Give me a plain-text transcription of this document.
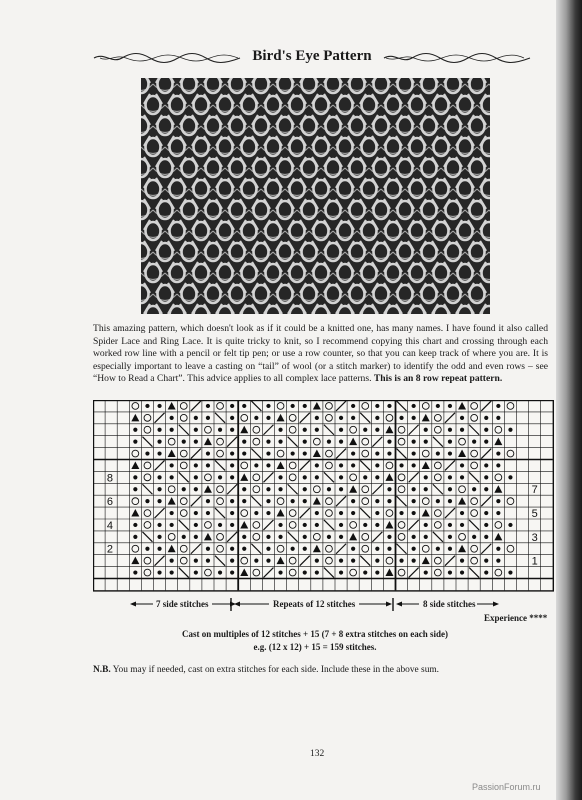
Bird's Eye Pattern
This amazing pattern, which doesn't look as if it could be a knitted one, has many names. I have found it also called Spider Lace and Ring Lace. It is quite tricky to knit, so I recommend copying this chart and crossing through each worked row line with a pencil or felt tip pen; or use a row counter, so that you can keep track of where you are. It is especially important to leave a casting on “tail” of wool (or a stitch marker) to identify the odd and even rows – see “How to Read a Chart”. This advice applies to all complex lace patterns. This is an 8 row repeat pattern.
8
6
4
2
7
5
3
1
7 side stitches	Repeats of 12 stitches	8 side stitches
Experience ****
Cast on multiples of 12 stitches + 15 (7 + 8 extra stitches on each side)
e.g. (12 x 12) + 15 = 159 stitches.
N.B. You may if needed, cast on extra stitches for each side. Include these in the above sum.
132
PassionForum.ru
